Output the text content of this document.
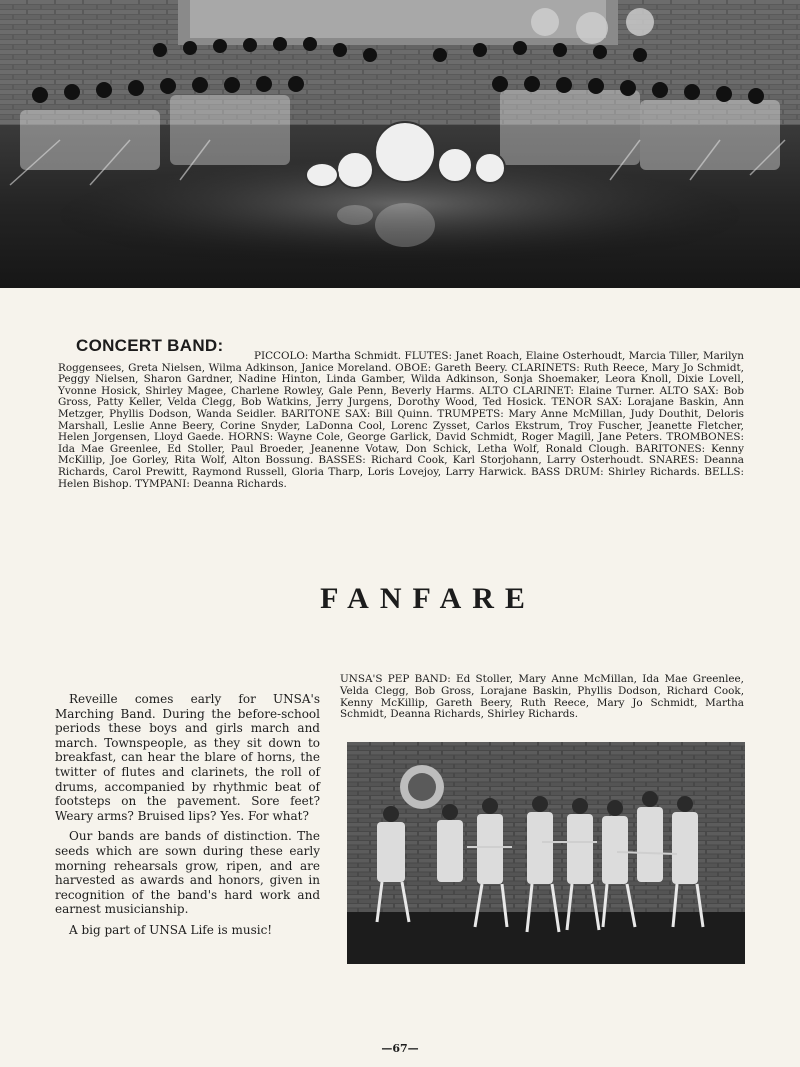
CONCERT BAND:

PICCOLO: Martha Schmidt. FLUTES: Janet Roach, Elaine Osterhoudt, Marcia Tiller, Marilyn Roggensees, Greta Nielsen, Wilma Adkinson, Janice Moreland. OBOE: Gareth Beery. CLARINETS: Ruth Reece, Mary Jo Schmidt, Peggy Nielsen, Sharon Gardner, Nadine Hinton, Linda Gamber, Wilda Adkinson, Sonja Shoemaker, Leora Knoll, Dixie Lovell, Yvonne Hosick, Shirley Magee, Charlene Rowley, Gale Penn, Beverly Harms. ALTO CLARINET: Elaine Turner. ALTO SAX: Bob Gross, Patty Keller, Velda Clegg, Bob Watkins, Jerry Jurgens, Dorothy Wood, Ted Hosick. TENOR SAX: Lorajane Baskin, Ann Metzger, Phyllis Dodson, Wanda Seidler. BARITONE SAX: Bill Quinn. TRUMPETS: Mary Anne McMillan, Judy Douthit, Deloris Marshall, Leslie Anne Beery, Corine Snyder, LaDonna Cool, Lorenc Zysset, Carlos Ekstrum, Troy Fuscher, Jeanette Fletcher, Helen Jorgensen, Lloyd Gaede. HORNS: Wayne Cole, George Garlick, David Schmidt, Roger Magill, Jane Peters. TROMBONES: Ida Mae Greenlee, Ed Stoller, Paul Broeder, Jeanenne Votaw, Don Schick, Letha Wolf, Ronald Clough. BARITONES: Kenny McKillip, Joe Gorley, Rita Wolf, Alton Bossung. BASSES: Richard Cook, Karl Storjohann, Larry Osterhoudt. SNARES: Deanna Richards, Carol Prewitt, Raymond Russell, Gloria Tharp, Loris Lovejoy, Larry Harwick. BASS DRUM: Shirley Richards. BELLS: Helen Bishop. TYMPANI: Deanna Richards.

FANFARE

UNSA'S PEP BAND: Ed Stoller, Mary Anne McMillan, Ida Mae Greenlee, Velda Clegg, Bob Gross, Lorajane Baskin, Phyllis Dodson, Richard Cook, Kenny McKillip, Gareth Beery, Ruth Reece, Mary Jo Schmidt, Martha Schmidt, Deanna Richards, Shirley Richards.

Reveille comes early for UNSA's Marching Band. During the before-school periods these boys and girls march and march. Townspeople, as they sit down to breakfast, can hear the blare of horns, the twitter of flutes and clarinets, the roll of drums, accompanied by rhythmic beat of footsteps on the pavement. Sore feet? Weary arms? Bruised lips? Yes. For what?

Our bands are bands of distinction. The seeds which are sown during these early morning rehearsals grow, ripen, and are harvested as awards and honors, given in recognition of the band's hard work and earnest musicianship.

A big part of UNSA Life is music!

—67—
